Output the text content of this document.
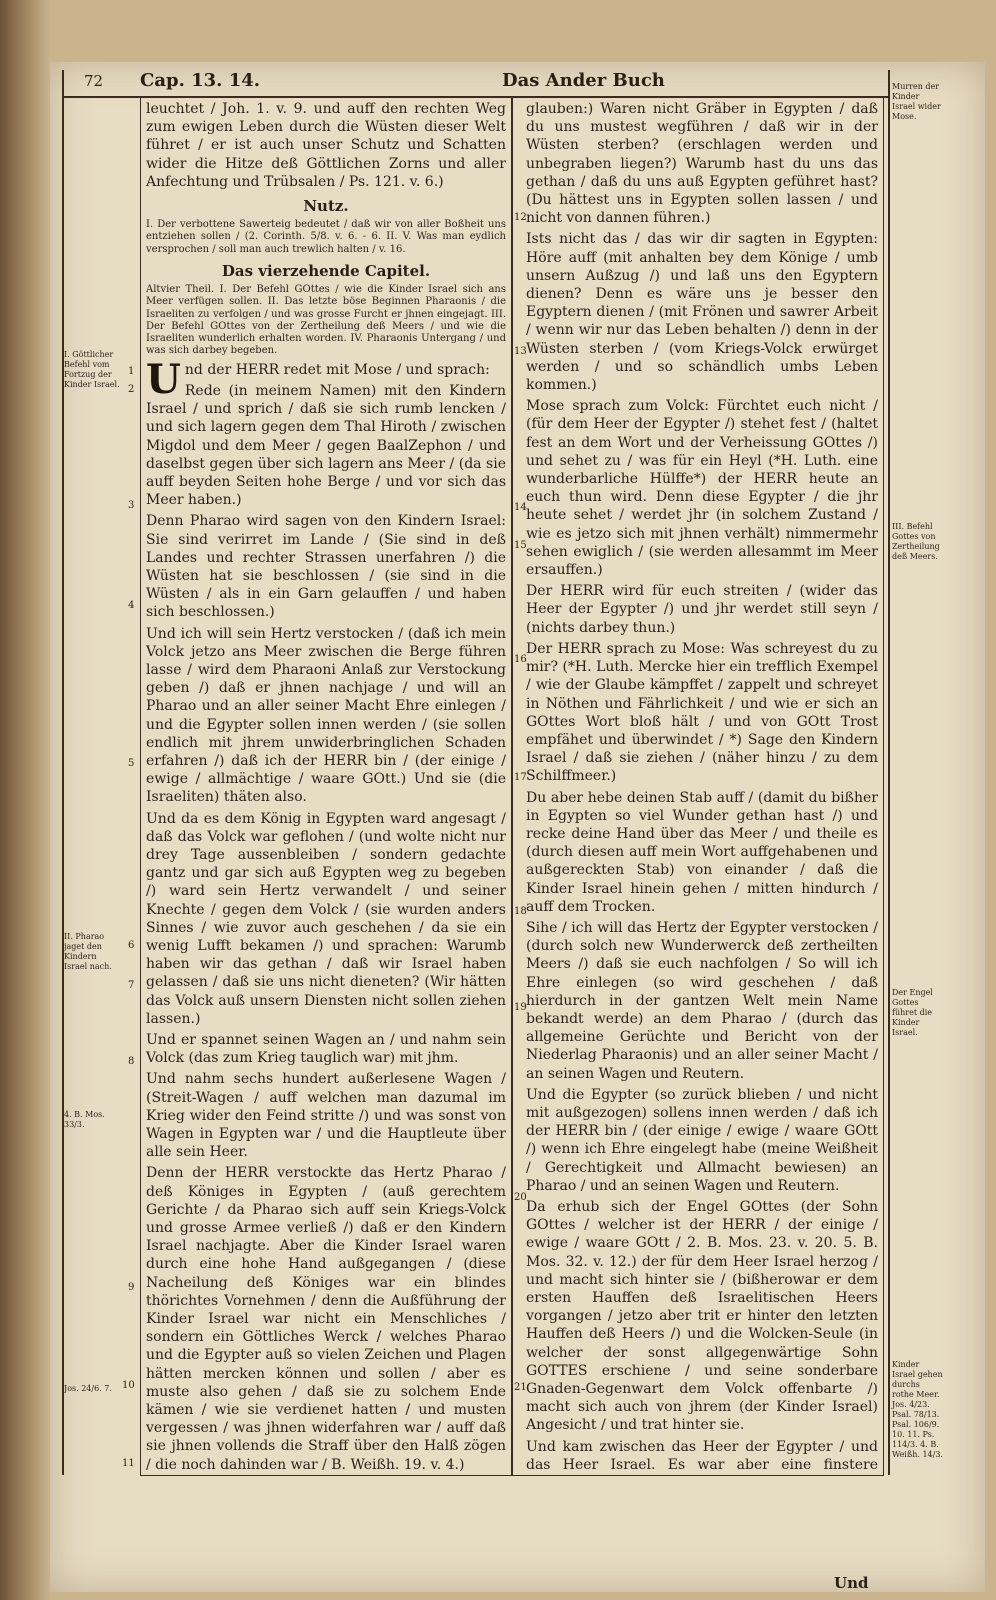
72 Cap. 13. 14.	Das Ander Buch
I. Göttlicher Befehl vom Fortzug der Kinder Israel.
II. Pharao jaget den Kindern Israel nach.
4. B. Mos. 33/3.
Jos. 24/6. 7.
Murren der Kinder Israel wider Mose.
III. Befehl Gottes von Zertheilung deß Meers.
Der Engel Gottes führet die Kinder Israel.
Kinder Israel gehen durchs rothe Meer. Jos. 4/23. Psal. 78/13. Psal. 106/9. 10. 11. Ps. 114/3. 4. B. Weißh. 14/3.
1
2
3
4
5
6
7
8
9
10
11
12
13
14
15
16
17
18
19
20
21

leuchtet / Joh. 1. v. 9. und auff den rechten Weg zum ewigen Leben durch die Wüsten dieser Welt führet / er ist auch unser Schutz und Schatten wider die Hitze deß Göttlichen Zorns und aller Anfechtung und Trübsalen / Ps. 121. v. 6.)

Nutz.

I. Der verbottene Sawerteig bedeutet / daß wir von aller Boßheit uns entziehen sollen / (2. Corinth. 5/8. v. 6. - 6. II. V. Was man eydlich versprochen / soll man auch trewlich halten / v. 16.

Das vierzehende Capitel.

Altvier Theil. I. Der Befehl GOttes / wie die Kinder Israel sich ans Meer verfügen sollen. II. Das letzte böse Beginnen Pharaonis / die Israeliten zu verfolgen / und was grosse Furcht er jhnen eingejagt. III. Der Befehl GOttes von der Zertheilung deß Meers / und wie die Israeliten wunderlich erhalten worden. IV. Pharaonis Untergang / und was sich darbey begeben.

Und der HERR redet mit Mose / und sprach:

Rede (in meinem Namen) mit den Kindern Israel / und sprich / daß sie sich rumb lencken / und sich lagern gegen dem Thal Hiroth / zwischen Migdol und dem Meer / gegen BaalZephon / und daselbst gegen über sich lagern ans Meer / (da sie auff beyden Seiten hohe Berge / und vor sich das Meer haben.)

Denn Pharao wird sagen von den Kindern Israel: Sie sind verirret im Lande / (Sie sind in deß Landes und rechter Strassen unerfahren /) die Wüsten hat sie beschlossen / (sie sind in die Wüsten / als in ein Garn gelauffen / und haben sich beschlossen.)

Und ich will sein Hertz verstocken / (daß ich mein Volck jetzo ans Meer zwischen die Berge führen lasse / wird dem Pharaoni Anlaß zur Verstockung geben /) daß er jhnen nachjage / und will an Pharao und an aller seiner Macht Ehre einlegen / und die Egypter sollen innen werden / (sie sollen endlich mit jhrem unwiderbringlichen Schaden erfahren /) daß ich der HERR bin / (der einige / ewige / allmächtige / waare GOtt.) Und sie (die Israeliten) thäten also.

Und da es dem König in Egypten ward angesagt / daß das Volck war geflohen / (und wolte nicht nur drey Tage aussenbleiben / sondern gedachte gantz und gar sich auß Egypten weg zu begeben /) ward sein Hertz verwandelt / und seiner Knechte / gegen dem Volck / (sie wurden anders Sinnes / wie zuvor auch geschehen / da sie ein wenig Lufft bekamen /) und sprachen: Warumb haben wir das gethan / daß wir Israel haben gelassen / daß sie uns nicht dieneten? (Wir hätten das Volck auß unsern Diensten nicht sollen ziehen lassen.)

Und er spannet seinen Wagen an / und nahm sein Volck (das zum Krieg tauglich war) mit jhm.

Und nahm sechs hundert außerlesene Wagen / (Streit-Wagen / auff welchen man dazumal im Krieg wider den Feind stritte /) und was sonst von Wagen in Egypten war / und die Hauptleute über alle sein Heer.

Denn der HERR verstockte das Hertz Pharao / deß Königes in Egypten / (auß gerechtem Gerichte / da Pharao sich auff sein Kriegs-Volck und grosse Armee verließ /) daß er den Kindern Israel nachjagte. Aber die Kinder Israel waren durch eine hohe Hand außgegangen / (diese Nacheilung deß Königes war ein blindes thörichtes Vornehmen / denn die Außführung der Kinder Israel war nicht ein Menschliches / sondern ein Göttliches Werck / welches Pharao und die Egypter auß so vielen Zeichen und Plagen hätten mercken können und sollen / aber es muste also gehen / daß sie zu solchem Ende kämen / wie sie verdienet hatten / und musten vergessen / was jhnen widerfahren war / auff daß sie jhnen vollends die Straff über den Halß zögen / die noch dahinden war / B. Weißh. 19. v. 4.)

glauben:) Waren nicht Gräber in Egypten / daß du uns mustest wegführen / daß wir in der Wüsten sterben? (erschlagen werden und unbegraben liegen?) Warumb hast du uns das gethan / daß du uns auß Egypten geführet hast? (Du hättest uns in Egypten sollen lassen / und nicht von dannen führen.)

Ists nicht das / das wir dir sagten in Egypten: Höre auff (mit anhalten bey dem Könige / umb unsern Außzug /) und laß uns den Egyptern dienen? Denn es wäre uns je besser den Egyptern dienen / (mit Frönen und sawrer Arbeit / wenn wir nur das Leben behalten /) denn in der Wüsten sterben / (vom Kriegs-Volck erwürget werden / und so schändlich umbs Leben kommen.)

Mose sprach zum Volck: Fürchtet euch nicht / (für dem Heer der Egypter /) stehet fest / (haltet fest an dem Wort und der Verheissung GOttes /) und sehet zu / was für ein Heyl (*H. Luth. eine wunderbarliche Hülffe*) der HERR heute an euch thun wird. Denn diese Egypter / die jhr heute sehet / werdet jhr (in solchem Zustand / wie es jetzo sich mit jhnen verhält) nimmermehr sehen ewiglich / (sie werden allesammt im Meer ersauffen.)

Der HERR wird für euch streiten / (wider das Heer der Egypter /) und jhr werdet still seyn / (nichts darbey thun.)

Der HERR sprach zu Mose: Was schreyest du zu mir? (*H. Luth. Mercke hier ein trefflich Exempel / wie der Glaube kämpffet / zappelt und schreyet in Nöthen und Fährlichkeit / und wie er sich an GOttes Wort bloß hält / und von GOtt Trost empfähet und überwindet / *) Sage den Kindern Israel / daß sie ziehen / (näher hinzu / zu dem Schilffmeer.)

Du aber hebe deinen Stab auff / (damit du bißher in Egypten so viel Wunder gethan hast /) und recke deine Hand über das Meer / und theile es (durch diesen auff mein Wort auffgehabenen und außgereckten Stab) von einander / daß die Kinder Israel hinein gehen / mitten hindurch / auff dem Trocken.

Sihe / ich will das Hertz der Egypter verstocken / (durch solch new Wunderwerck deß zertheilten Meers /) daß sie euch nachfolgen / So will ich Ehre einlegen (so wird geschehen / daß hierdurch in der gantzen Welt mein Name bekandt werde) an dem Pharao / (durch das allgemeine Gerüchte und Bericht von der Niederlag Pharaonis) und an aller seiner Macht / an seinen Wagen und Reutern.

Und die Egypter (so zurück blieben / und nicht mit außgezogen) sollens innen werden / daß ich der HERR bin / (der einige / ewige / waare GOtt /) wenn ich Ehre eingelegt habe (meine Weißheit / Gerechtigkeit und Allmacht bewiesen) an Pharao / und an seinen Wagen und Reutern.

Da erhub sich der Engel GOttes (der Sohn GOttes / welcher ist der HERR / der einige / ewige / waare GOtt / 2. B. Mos. 23. v. 20. 5. B. Mos. 32. v. 12.) der für dem Heer Israel herzog / und macht sich hinter sie / (bißherowar er dem ersten Hauffen deß Israelitischen Heers vorgangen / jetzo aber trit er hinter den letzten Hauffen deß Heers /) und die Wolcken-Seule (in welcher der sonst allgegenwärtige Sohn GOTTES erschiene / und seine sonderbare Gnaden-Gegenwart dem Volck offenbarte /) macht sich auch von jhrem (der Kinder Israel) Angesicht / und trat hinter sie.

Und kam zwischen das Heer der Egypter / und das Heer Israel. Es war aber eine finstere

Und
